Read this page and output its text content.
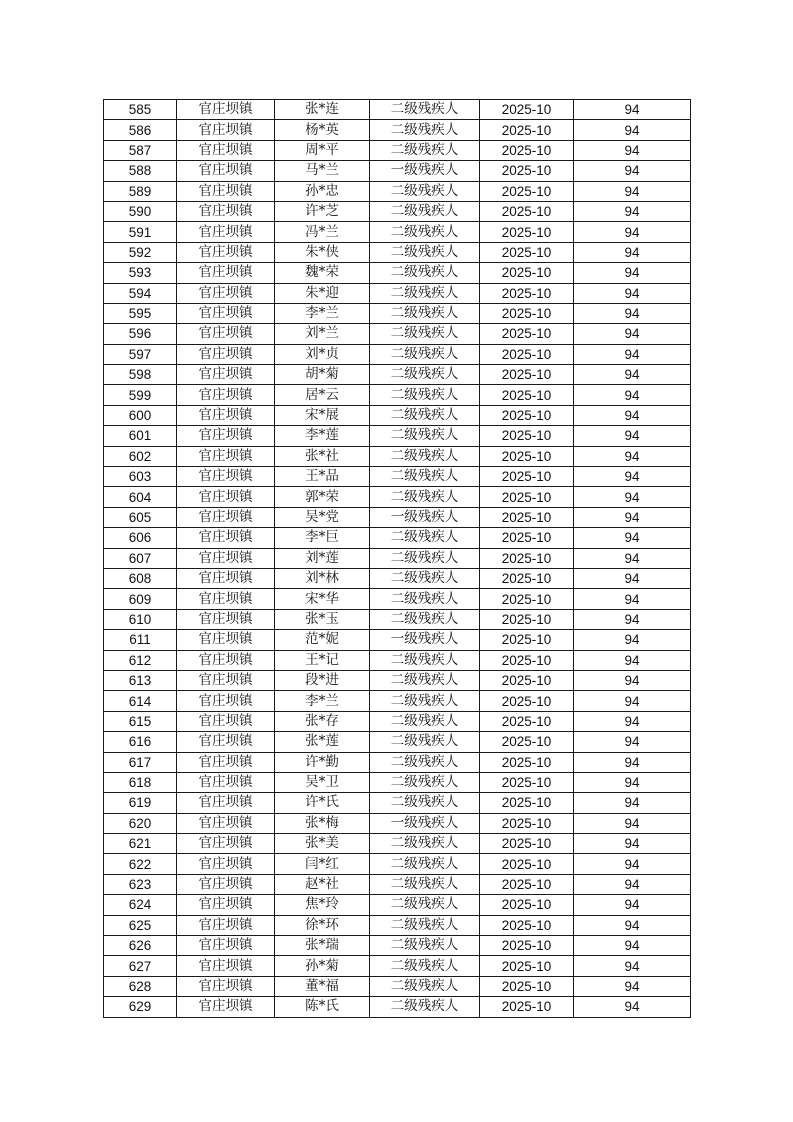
585	官庄坝镇	张*连	二级残疾人	2025-10	94
586	官庄坝镇	杨*英	二级残疾人	2025-10	94
587	官庄坝镇	周*平	二级残疾人	2025-10	94
588	官庄坝镇	马*兰	一级残疾人	2025-10	94
589	官庄坝镇	孙*忠	二级残疾人	2025-10	94
590	官庄坝镇	许*芝	二级残疾人	2025-10	94
591	官庄坝镇	冯*兰	二级残疾人	2025-10	94
592	官庄坝镇	朱*侠	二级残疾人	2025-10	94
593	官庄坝镇	魏*荣	二级残疾人	2025-10	94
594	官庄坝镇	朱*迎	二级残疾人	2025-10	94
595	官庄坝镇	李*兰	二级残疾人	2025-10	94
596	官庄坝镇	刘*兰	二级残疾人	2025-10	94
597	官庄坝镇	刘*贞	二级残疾人	2025-10	94
598	官庄坝镇	胡*菊	二级残疾人	2025-10	94
599	官庄坝镇	居*云	二级残疾人	2025-10	94
600	官庄坝镇	宋*展	二级残疾人	2025-10	94
601	官庄坝镇	李*莲	二级残疾人	2025-10	94
602	官庄坝镇	张*社	二级残疾人	2025-10	94
603	官庄坝镇	王*品	二级残疾人	2025-10	94
604	官庄坝镇	郭*荣	二级残疾人	2025-10	94
605	官庄坝镇	吴*党	一级残疾人	2025-10	94
606	官庄坝镇	李*巨	二级残疾人	2025-10	94
607	官庄坝镇	刘*莲	二级残疾人	2025-10	94
608	官庄坝镇	刘*林	二级残疾人	2025-10	94
609	官庄坝镇	宋*华	二级残疾人	2025-10	94
610	官庄坝镇	张*玉	二级残疾人	2025-10	94
611	官庄坝镇	范*妮	一级残疾人	2025-10	94
612	官庄坝镇	王*记	二级残疾人	2025-10	94
613	官庄坝镇	段*进	二级残疾人	2025-10	94
614	官庄坝镇	李*兰	二级残疾人	2025-10	94
615	官庄坝镇	张*存	二级残疾人	2025-10	94
616	官庄坝镇	张*莲	二级残疾人	2025-10	94
617	官庄坝镇	许*勤	二级残疾人	2025-10	94
618	官庄坝镇	吴*卫	二级残疾人	2025-10	94
619	官庄坝镇	许*氏	二级残疾人	2025-10	94
620	官庄坝镇	张*梅	一级残疾人	2025-10	94
621	官庄坝镇	张*美	二级残疾人	2025-10	94
622	官庄坝镇	闫*红	二级残疾人	2025-10	94
623	官庄坝镇	赵*社	二级残疾人	2025-10	94
624	官庄坝镇	焦*玲	二级残疾人	2025-10	94
625	官庄坝镇	徐*环	二级残疾人	2025-10	94
626	官庄坝镇	张*瑞	二级残疾人	2025-10	94
627	官庄坝镇	孙*菊	二级残疾人	2025-10	94
628	官庄坝镇	董*福	二级残疾人	2025-10	94
629	官庄坝镇	陈*氏	二级残疾人	2025-10	94
